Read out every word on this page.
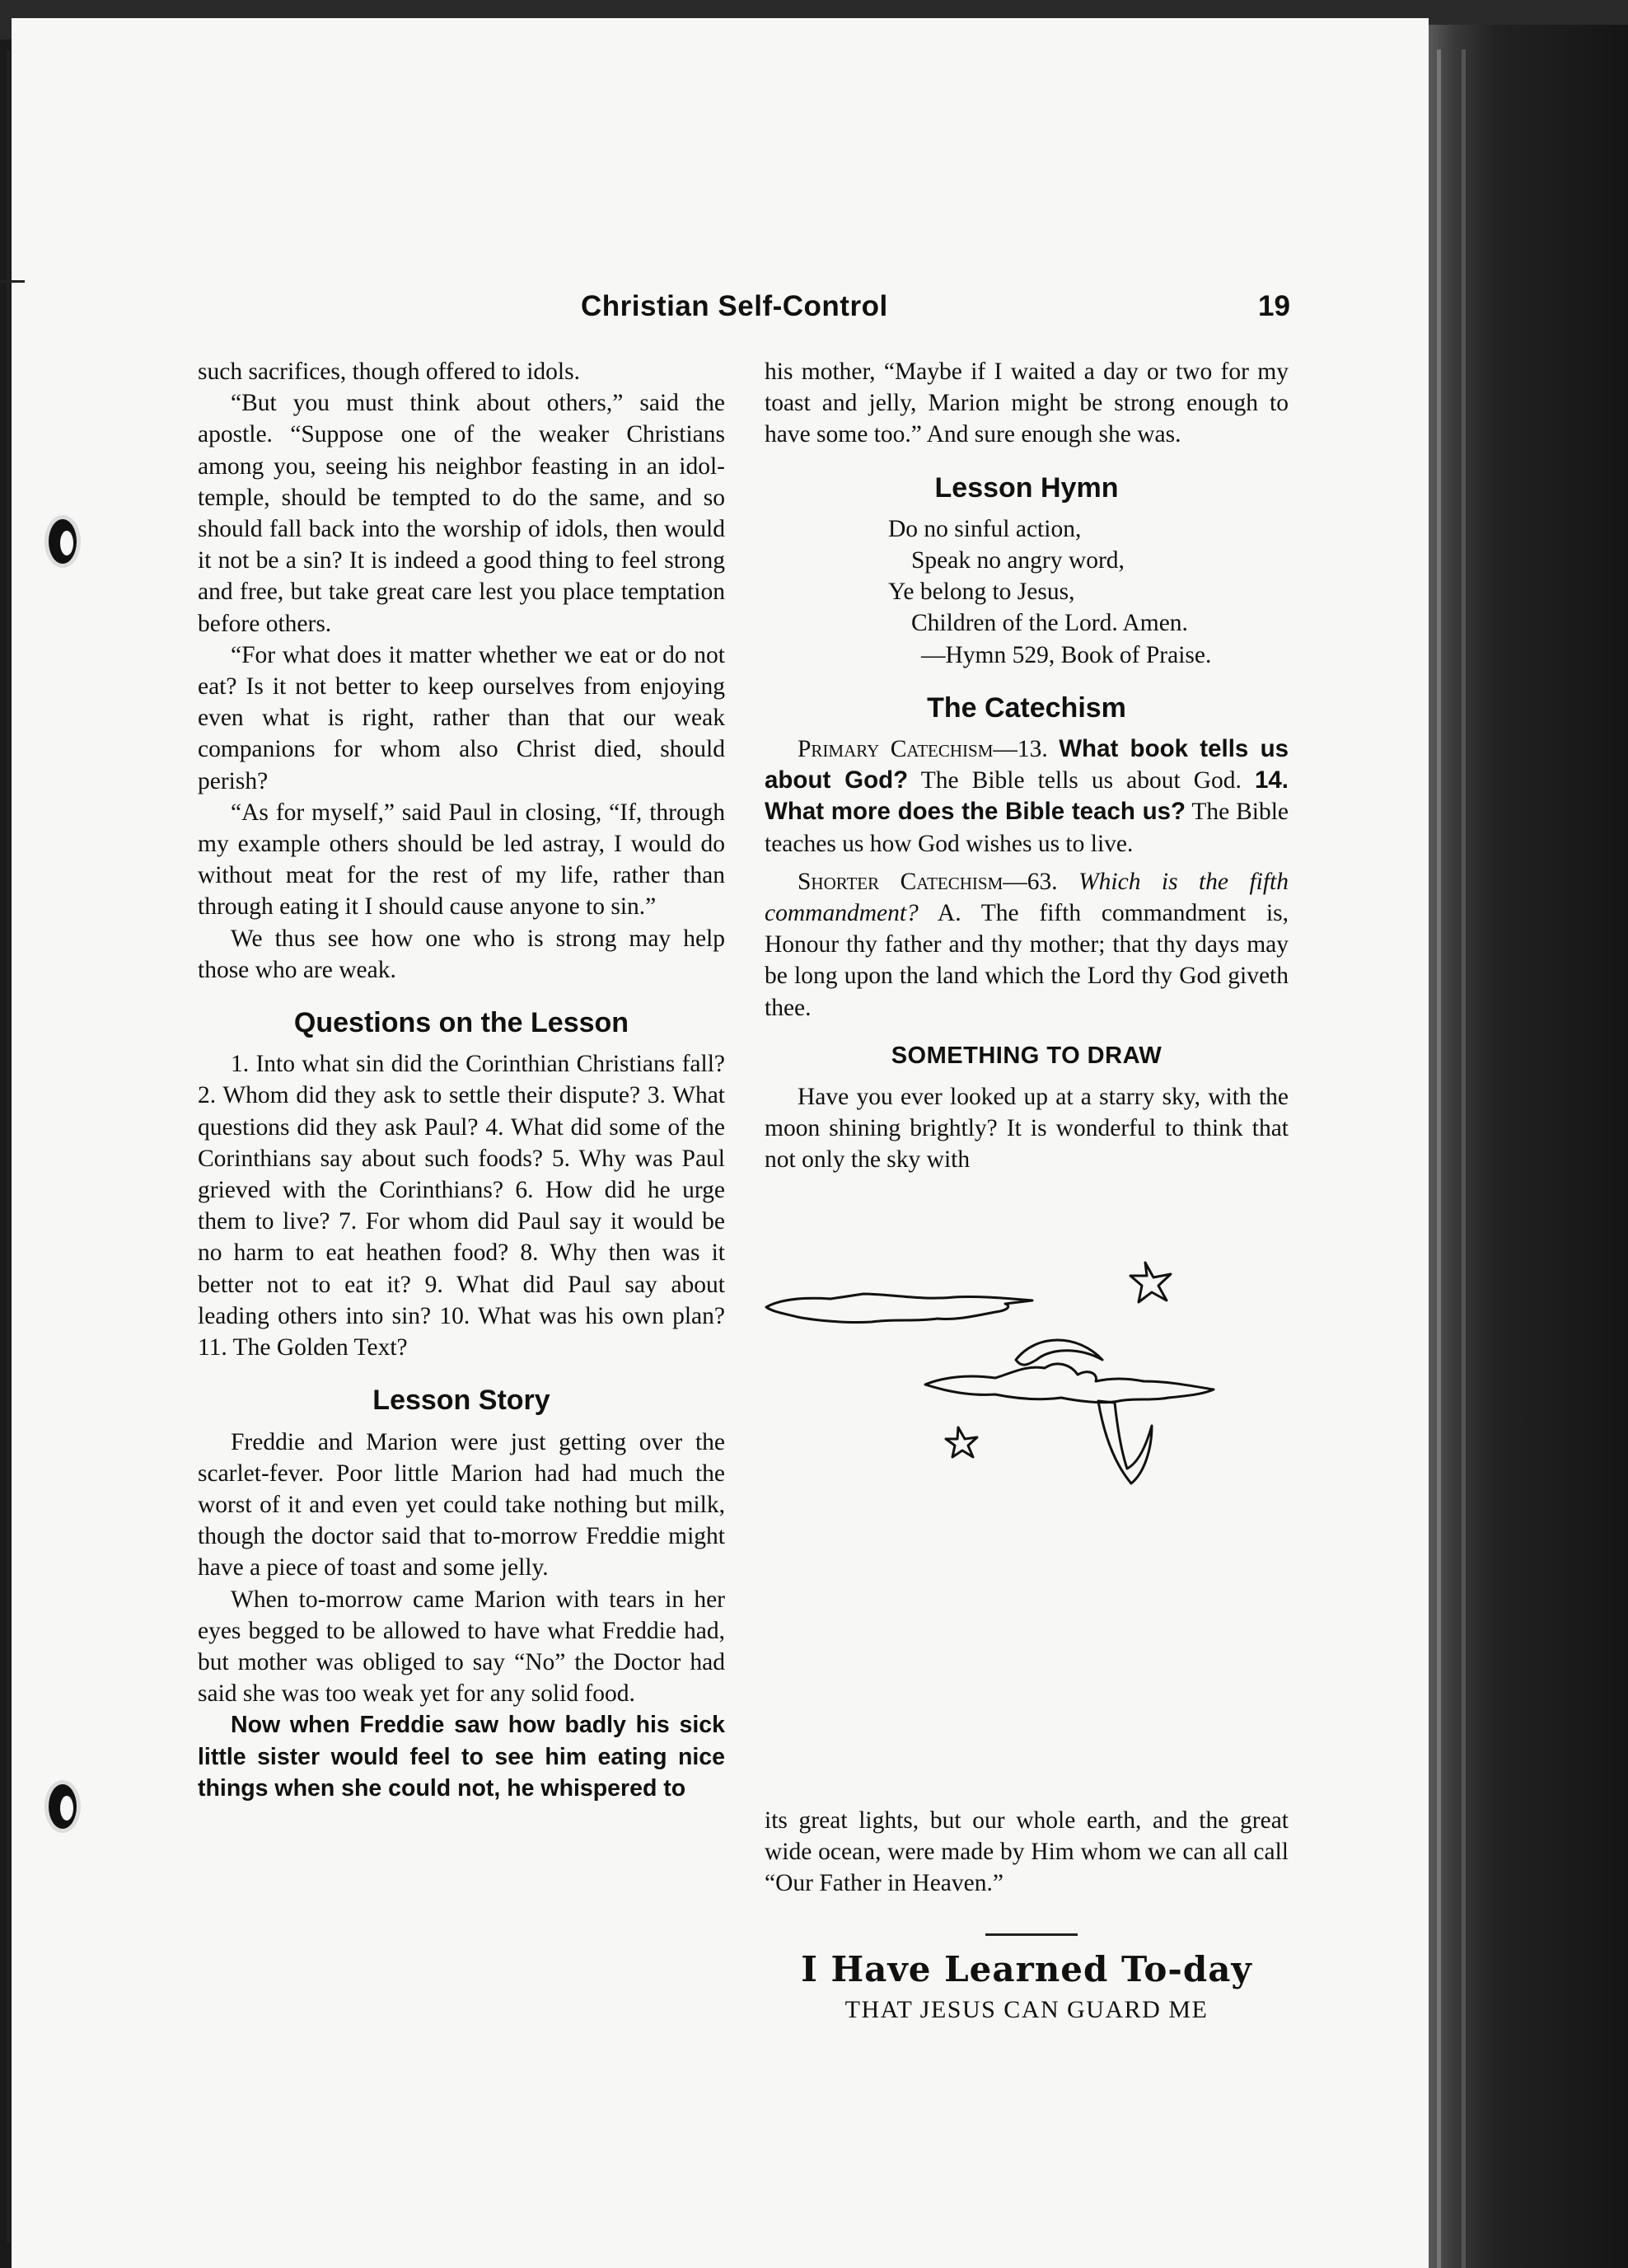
Christian Self-Control	19

such sacrifices, though offered to idols.

“But you must think about others,” said the apostle. “Suppose one of the weaker Christians among you, seeing his neighbor feasting in an idol-temple, should be tempted to do the same, and so should fall back into the worship of idols, then would it not be a sin? It is indeed a good thing to feel strong and free, but take great care lest you place temptation before others.

“For what does it matter whether we eat or do not eat? Is it not better to keep ourselves from enjoying even what is right, rather than that our weak companions for whom also Christ died, should perish?

“As for myself,” said Paul in closing, “If, through my example others should be led astray, I would do without meat for the rest of my life, rather than through eating it I should cause anyone to sin.”

We thus see how one who is strong may help those who are weak.

Questions on the Lesson

1. Into what sin did the Corinthian Christians fall? 2. Whom did they ask to settle their dispute? 3. What questions did they ask Paul? 4. What did some of the Corinthians say about such foods? 5. Why was Paul grieved with the Corinthians? 6. How did he urge them to live? 7. For whom did Paul say it would be no harm to eat heathen food? 8. Why then was it better not to eat it? 9. What did Paul say about leading others into sin? 10. What was his own plan? 11. The Golden Text?

Lesson Story

Freddie and Marion were just getting over the scarlet-fever. Poor little Marion had had much the worst of it and even yet could take nothing but milk, though the doctor said that to-morrow Freddie might have a piece of toast and some jelly.

When to-morrow came Marion with tears in her eyes begged to be allowed to have what Freddie had, but mother was obliged to say “No” the Doctor had said she was too weak yet for any solid food.

Now when Freddie saw how badly his sick little sister would feel to see him eating nice things when she could not, he whispered to

his mother, “Maybe if I waited a day or two for my toast and jelly, Marion might be strong enough to have some too.” And sure enough she was.

Lesson Hymn

Do no sinful action,
Speak no angry word,
Ye belong to Jesus,
Children of the Lord. Amen.
—Hymn 529, Book of Praise.

The Catechism

Primary Catechism—13. What book tells us about God? The Bible tells us about God. 14. What more does the Bible teach us? The Bible teaches us how God wishes us to live.

Shorter Catechism—63. Which is the fifth commandment? A. The fifth commandment is, Honour thy father and thy mother; that thy days may be long upon the land which the Lord thy God giveth thee.

SOMETHING TO DRAW

Have you ever looked up at a starry sky, with the moon shining brightly? It is wonderful to think that not only the sky with

its great lights, but our whole earth, and the great wide ocean, were made by Him whom we can all call “Our Father in Heaven.”

I Have Learned To-day
THAT JESUS CAN GUARD ME
